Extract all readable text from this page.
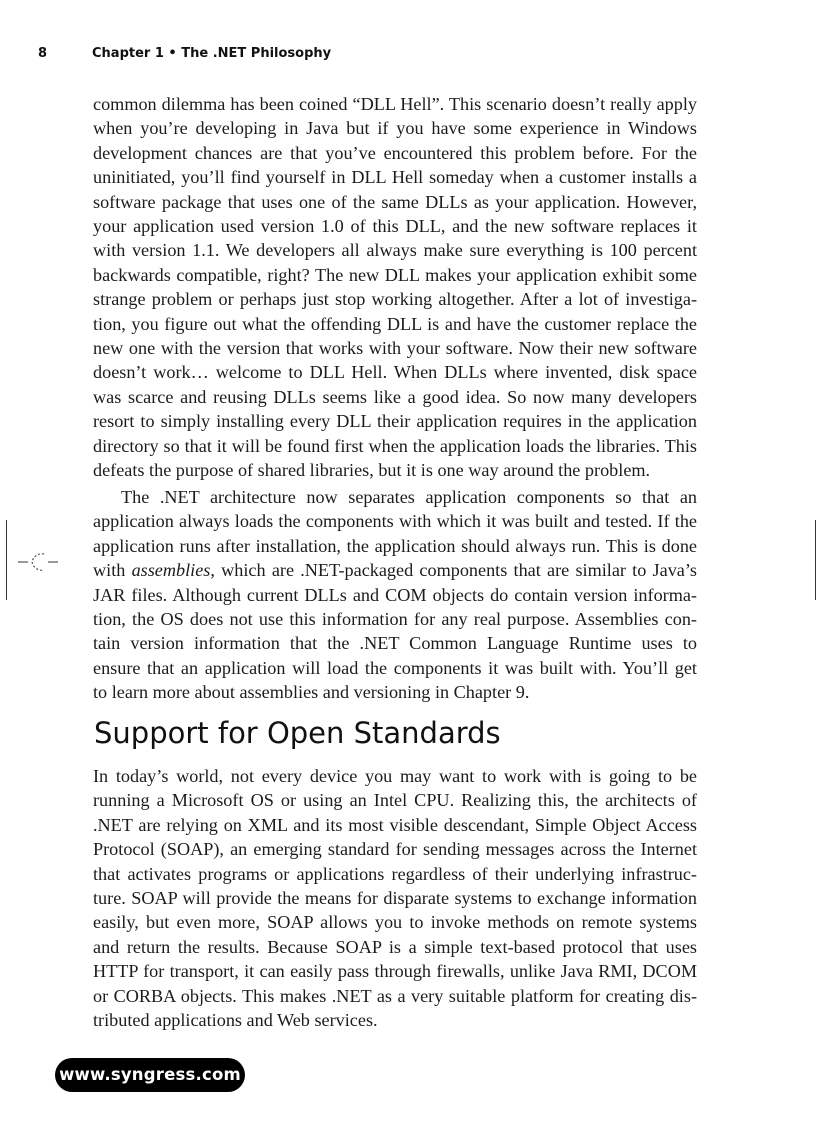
8	Chapter 1 • The .NET Philosophy
common dilemma has been coined “DLL Hell”. This scenario doesn’t really apply
when you’re developing in Java but if you have some experience in Windows
development chances are that you’ve encountered this problem before. For the
uninitiated, you’ll find yourself in DLL Hell someday when a customer installs a
software package that uses one of the same DLLs as your application. However,
your application used version 1.0 of this DLL, and the new software replaces it
with version 1.1. We developers all always make sure everything is 100 percent
backwards compatible, right? The new DLL makes your application exhibit some
strange problem or perhaps just stop working altogether. After a lot of investiga-
tion, you figure out what the offending DLL is and have the customer replace the
new one with the version that works with your software. Now their new software
doesn’t work… welcome to DLL Hell. When DLLs where invented, disk space
was scarce and reusing DLLs seems like a good idea. So now many developers
resort to simply installing every DLL their application requires in the application
directory so that it will be found first when the application loads the libraries. This
defeats the purpose of shared libraries, but it is one way around the problem.
The .NET architecture now separates application components so that an
application always loads the components with which it was built and tested. If the
application runs after installation, the application should always run. This is done
with assemblies, which are .NET-packaged components that are similar to Java’s
JAR files. Although current DLLs and COM objects do contain version informa-
tion, the OS does not use this information for any real purpose. Assemblies con-
tain version information that the .NET Common Language Runtime uses to
ensure that an application will load the components it was built with. You’ll get
to learn more about assemblies and versioning in Chapter 9.
Support for Open Standards
In today’s world, not every device you may want to work with is going to be
running a Microsoft OS or using an Intel CPU. Realizing this, the architects of
.NET are relying on XML and its most visible descendant, Simple Object Access
Protocol (SOAP), an emerging standard for sending messages across the Internet
that activates programs or applications regardless of their underlying infrastruc-
ture. SOAP will provide the means for disparate systems to exchange information
easily, but even more, SOAP allows you to invoke methods on remote systems
and return the results. Because SOAP is a simple text-based protocol that uses
HTTP for transport, it can easily pass through firewalls, unlike Java RMI, DCOM
or CORBA objects. This makes .NET as a very suitable platform for creating dis-
tributed applications and Web services.
www.syngress.com
